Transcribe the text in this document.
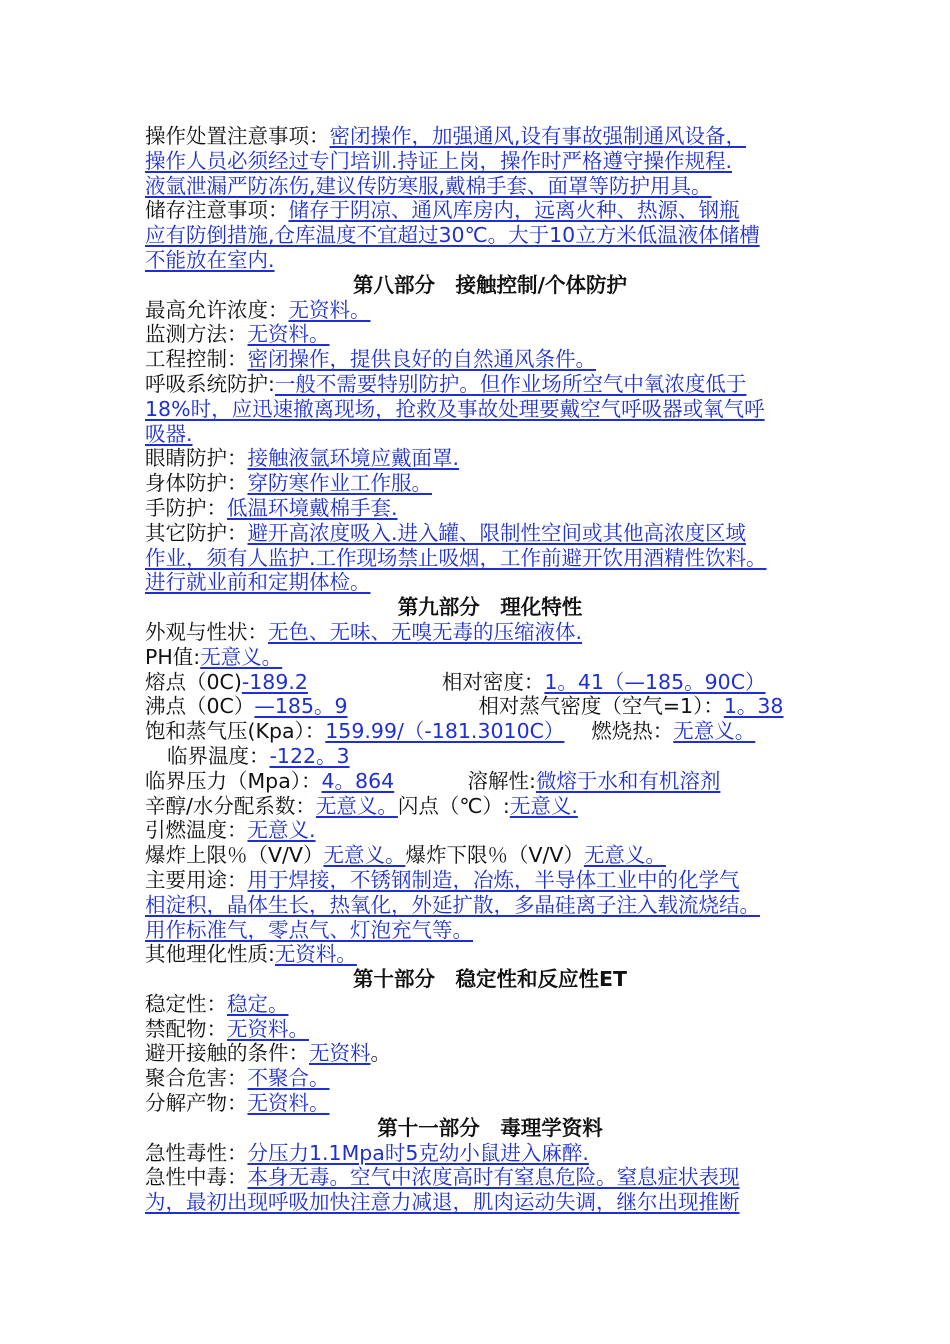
操作处置注意事项：密闭操作，加强通风,设有事故强制通风设备，
操作人员必须经过专门培训.持证上岗，操作时严格遵守操作规程.
液氩泄漏严防冻伤,建议传防寒服,戴棉手套、面罩等防护用具。
储存注意事项：储存于阴凉、通风库房内，远离火种、热源、钢瓶
应有防倒措施,仓库温度不宜超过30℃。大于10立方米低温液体储槽
不能放在室内.
第八部分　接触控制/个体防护
最高允许浓度：无资料。
监测方法：无资料。
工程控制：密闭操作，提供良好的自然通风条件。
呼吸系统防护:一般不需要特别防护。但作业场所空气中氧浓度低于
18%时，应迅速撤离现场，抢救及事故处理要戴空气呼吸器或氧气呼
吸器.
眼睛防护：接触液氩环境应戴面罩.
身体防护：穿防寒作业工作服。
手防护：低温环境戴棉手套.
其它防护：避开高浓度吸入.进入罐、限制性空间或其他高浓度区域
作业，须有人监护.工作现场禁止吸烟，工作前避开饮用酒精性饮料。
进行就业前和定期体检。
第九部分　理化特性
外观与性状：无色、无味、无嗅无毒的压缩液体.
PH值:无意义。
熔点（0C)-189.2	相对密度：1。41（—185。90C）
沸点（0C）—185。9	相对蒸气密度（空气=1）：1。38
饱和蒸气压(Kpa）：159.99/（-181.3010C） 燃烧热：无意义。
临界温度：-122。3
临界压力（Mpa）：4。864	溶解性:微熔于水和有机溶剂
辛醇/水分配系数：无意义。闪点（℃）:无意义.
引燃温度：无意义.
爆炸上限％（V/V）无意义。爆炸下限％（V/V）无意义。
主要用途：用于焊接，不锈钢制造，冶炼，半导体工业中的化学气
相淀积，晶体生长，热氧化，外延扩散，多晶硅离子注入载流烧结。
用作标准气，零点气、灯泡充气等。
其他理化性质:无资料。
第十部分　稳定性和反应性ET
稳定性：稳定。
禁配物：无资料。
避开接触的条件：无资料。
聚合危害：不聚合。
分解产物：无资料。
第十一部分　毒理学资料
急性毒性：分压力1.1Mpa时5克幼小鼠进入麻醉.
急性中毒：本身无毒。空气中浓度高时有窒息危险。窒息症状表现
为，最初出现呼吸加快注意力减退，肌肉运动失调，继尔出现推断
